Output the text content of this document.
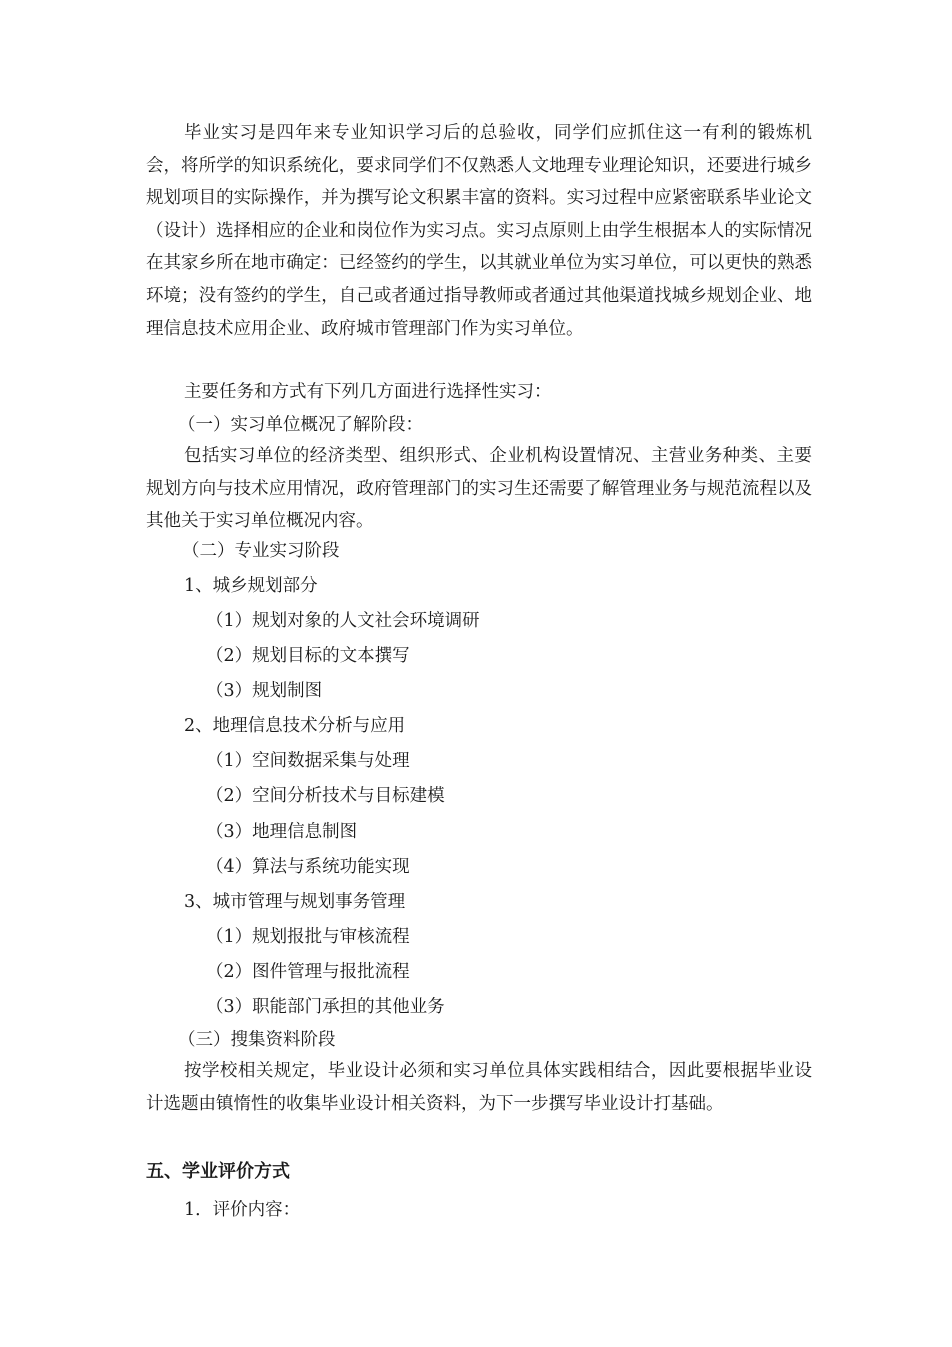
毕业实习是四年来专业知识学习后的总验收，同学们应抓住这一有利的锻炼机会，将所学的知识系统化，要求同学们不仅熟悉人文地理专业理论知识，还要进行城乡规划项目的实际操作，并为撰写论文积累丰富的资料。实习过程中应紧密联系毕业论文（设计）选择相应的企业和岗位作为实习点。实习点原则上由学生根据本人的实际情况在其家乡所在地市确定：已经签约的学生，以其就业单位为实习单位，可以更快的熟悉环境；没有签约的学生，自己或者通过指导教师或者通过其他渠道找城乡规划企业、地理信息技术应用企业、政府城市管理部门作为实习单位。

主要任务和方式有下列几方面进行选择性实习：

（一）实习单位概况了解阶段：

包括实习单位的经济类型、组织形式、企业机构设置情况、主营业务种类、主要规划方向与技术应用情况，政府管理部门的实习生还需要了解管理业务与规范流程以及其他关于实习单位概况内容。

（二）专业实习阶段

1、城乡规划部分

（1）规划对象的人文社会环境调研

（2）规划目标的文本撰写

（3）规划制图

2、地理信息技术分析与应用

（1）空间数据采集与处理

（2）空间分析技术与目标建模

（3）地理信息制图

（4）算法与系统功能实现

3、城市管理与规划事务管理

（1）规划报批与审核流程

（2）图件管理与报批流程

（3）职能部门承担的其他业务

（三）搜集资料阶段

按学校相关规定，毕业设计必须和实习单位具体实践相结合，因此要根据毕业设计选题由镇惰性的收集毕业设计相关资料，为下一步撰写毕业设计打基础。

五、学业评价方式

1．评价内容：
